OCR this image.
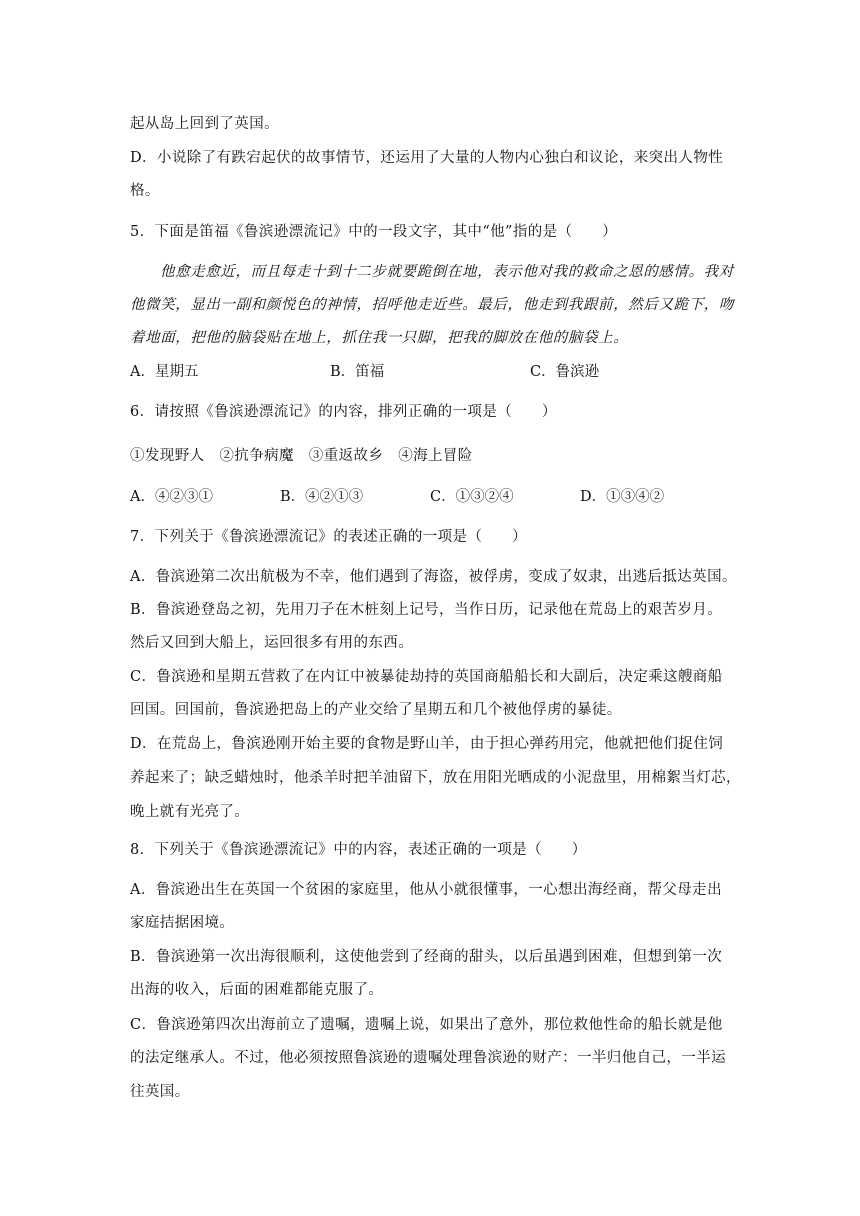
起从岛上回到了英国。
D．小说除了有跌宕起伏的故事情节，还运用了大量的人物内心独白和议论，来突出人物性
格。
5．下面是笛福《鲁滨逊漂流记》中的一段文字，其中“他”指的是（　　）
他愈走愈近，而且每走十到十二步就要跪倒在地，表示他对我的救命之恩的感情。我对
他微笑，显出一副和颜悦色的神情，招呼他走近些。最后，他走到我跟前，然后又跪下，吻
着地面，把他的脑袋贴在地上，抓住我一只脚，把我的脚放在他的脑袋上。
A．星期五	B．笛福	C．鲁滨逊
6．请按照《鲁滨逊漂流记》的内容，排列正确的一项是（　　）
①发现野人　②抗争病魔　③重返故乡　④海上冒险
A．④②③①	B．④②①③	C．①③②④	D．①③④②
7．下列关于《鲁滨逊漂流记》的表述正确的一项是（　　）
A．鲁滨逊第二次出航极为不幸，他们遇到了海盗，被俘虏，变成了奴隶，出逃后抵达英国。
B．鲁滨逊登岛之初，先用刀子在木桩刻上记号，当作日历，记录他在荒岛上的艰苦岁月。
然后又回到大船上，运回很多有用的东西。
C．鲁滨逊和星期五营救了在内讧中被暴徒劫持的英国商船船长和大副后，决定乘这艘商船
回国。回国前，鲁滨逊把岛上的产业交给了星期五和几个被他俘虏的暴徒。
D．在荒岛上，鲁滨逊刚开始主要的食物是野山羊，由于担心弹药用完，他就把他们捉住饲
养起来了；缺乏蜡烛时，他杀羊时把羊油留下，放在用阳光晒成的小泥盘里，用棉絮当灯芯，
晚上就有光亮了。
8．下列关于《鲁滨逊漂流记》中的内容，表述正确的一项是（　　）
A．鲁滨逊出生在英国一个贫困的家庭里，他从小就很懂事，一心想出海经商，帮父母走出
家庭拮据困境。
B．鲁滨逊第一次出海很顺利，这使他尝到了经商的甜头，以后虽遇到困难，但想到第一次
出海的收入，后面的困难都能克服了。
C．鲁滨逊第四次出海前立了遗嘱，遗嘱上说，如果出了意外，那位救他性命的船长就是他
的法定继承人。不过，他必须按照鲁滨逊的遗嘱处理鲁滨逊的财产：一半归他自己，一半运
往英国。
